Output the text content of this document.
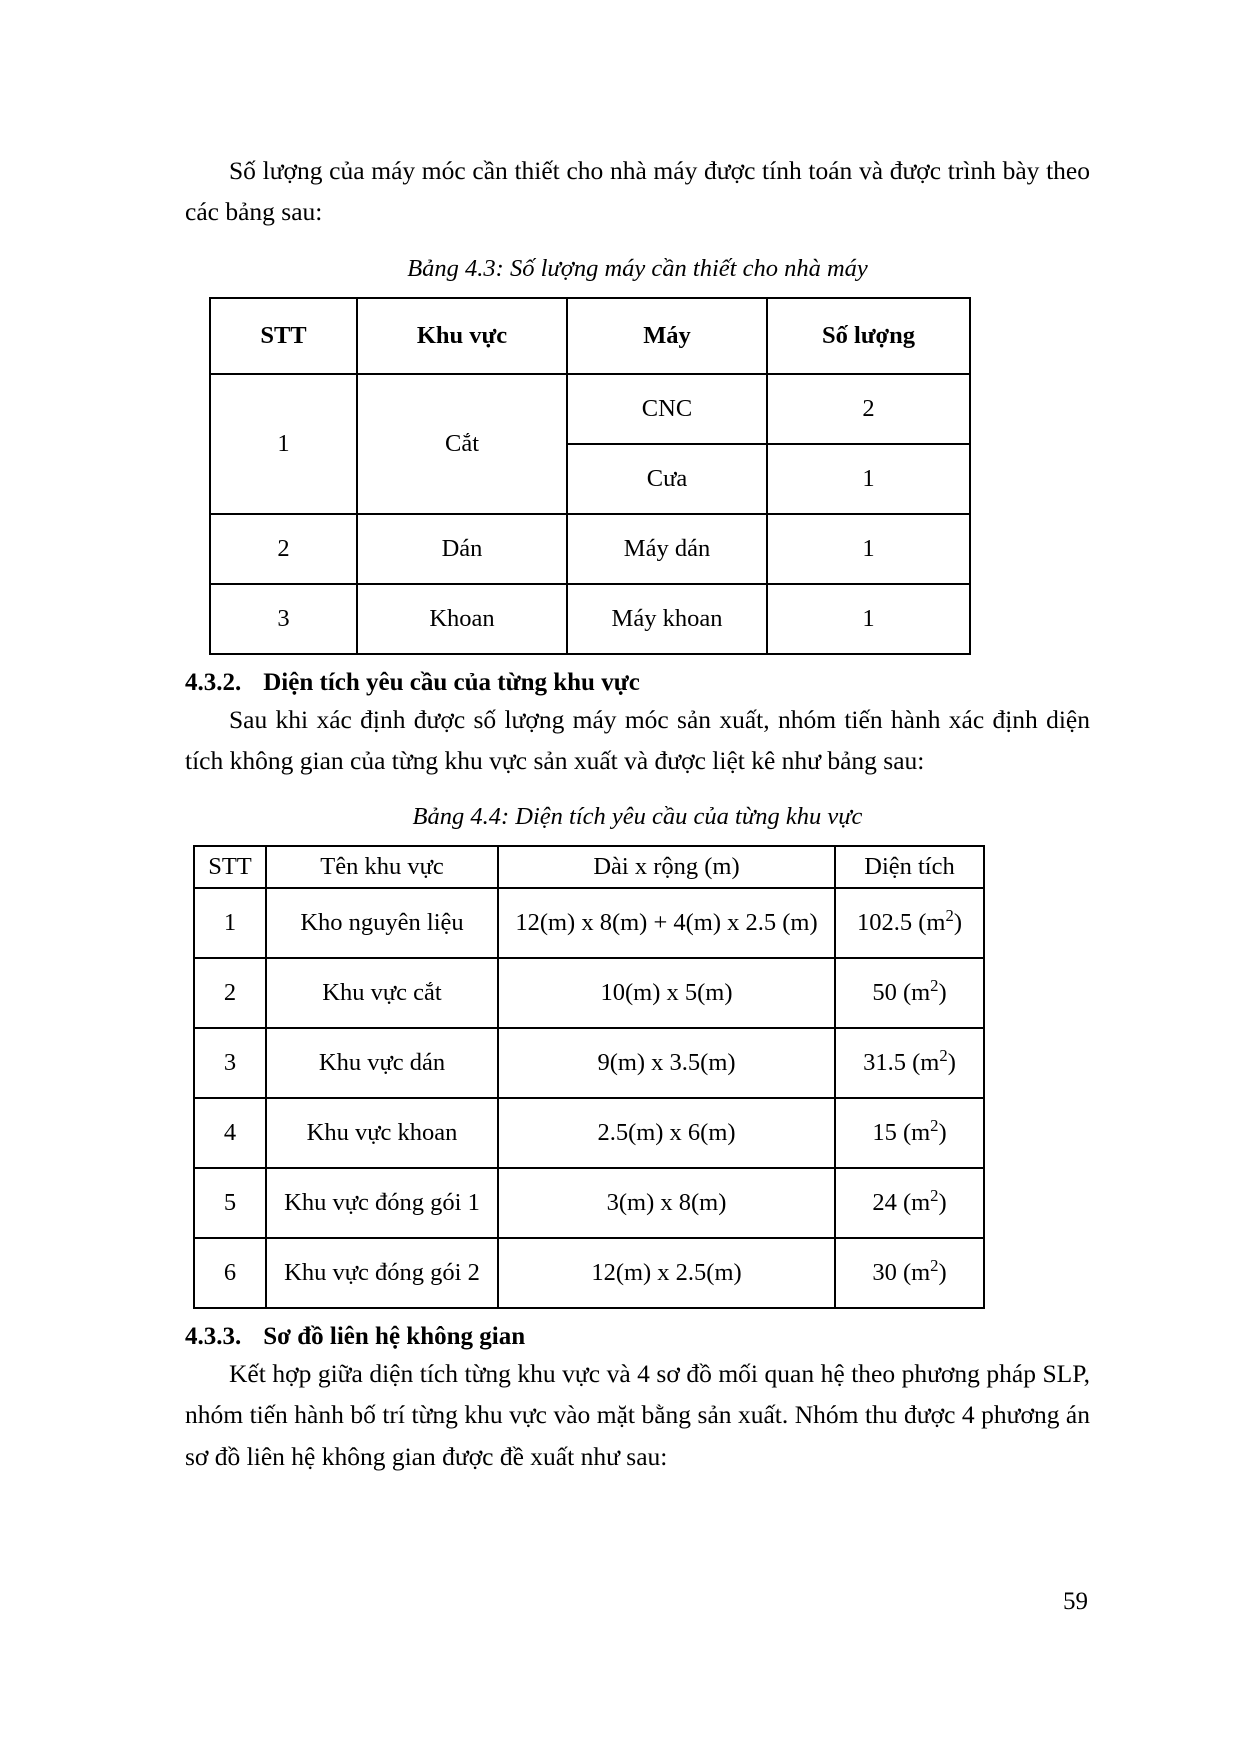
Số lượng của máy móc cần thiết cho nhà máy được tính toán và được trình bày theo các bảng sau:

Bảng 4.3: Số lượng máy cần thiết cho nhà máy
STT	Khu vực	Máy	Số lượng
1	Cắt	CNC	2
		Cưa	1
2	Dán	Máy dán	1
3	Khoan	Máy khoan	1
4.3.2. Diện tích yêu cầu của từng khu vực

Sau khi xác định được số lượng máy móc sản xuất, nhóm tiến hành xác định diện tích không gian của từng khu vực sản xuất và được liệt kê như bảng sau:

Bảng 4.4: Diện tích yêu cầu của từng khu vực
STT	Tên khu vực	Dài x rộng (m)	Diện tích
1	Kho nguyên liệu	12(m) x 8(m) + 4(m) x 2.5 (m)	102.5 $(m^2)$
2	Khu vực cắt	10(m) x 5(m)	50 $(m^2)$
3	Khu vực dán	9(m) x 3.5(m)	31.5 $(m^2)$
4	Khu vực khoan	2.5(m) x 6(m)	15 $(m^2)$
5	Khu vực đóng gói 1	3(m) x 8(m)	24 $(m^2)$
6	Khu vực đóng gói 2	12(m) x 2.5(m)	30 $(m^2)$
4.3.3. Sơ đồ liên hệ không gian

Kết hợp giữa diện tích từng khu vực và 4 sơ đồ mối quan hệ theo phương pháp SLP, nhóm tiến hành bố trí từng khu vực vào mặt bằng sản xuất. Nhóm thu được 4 phương án sơ đồ liên hệ không gian được đề xuất như sau:

59
